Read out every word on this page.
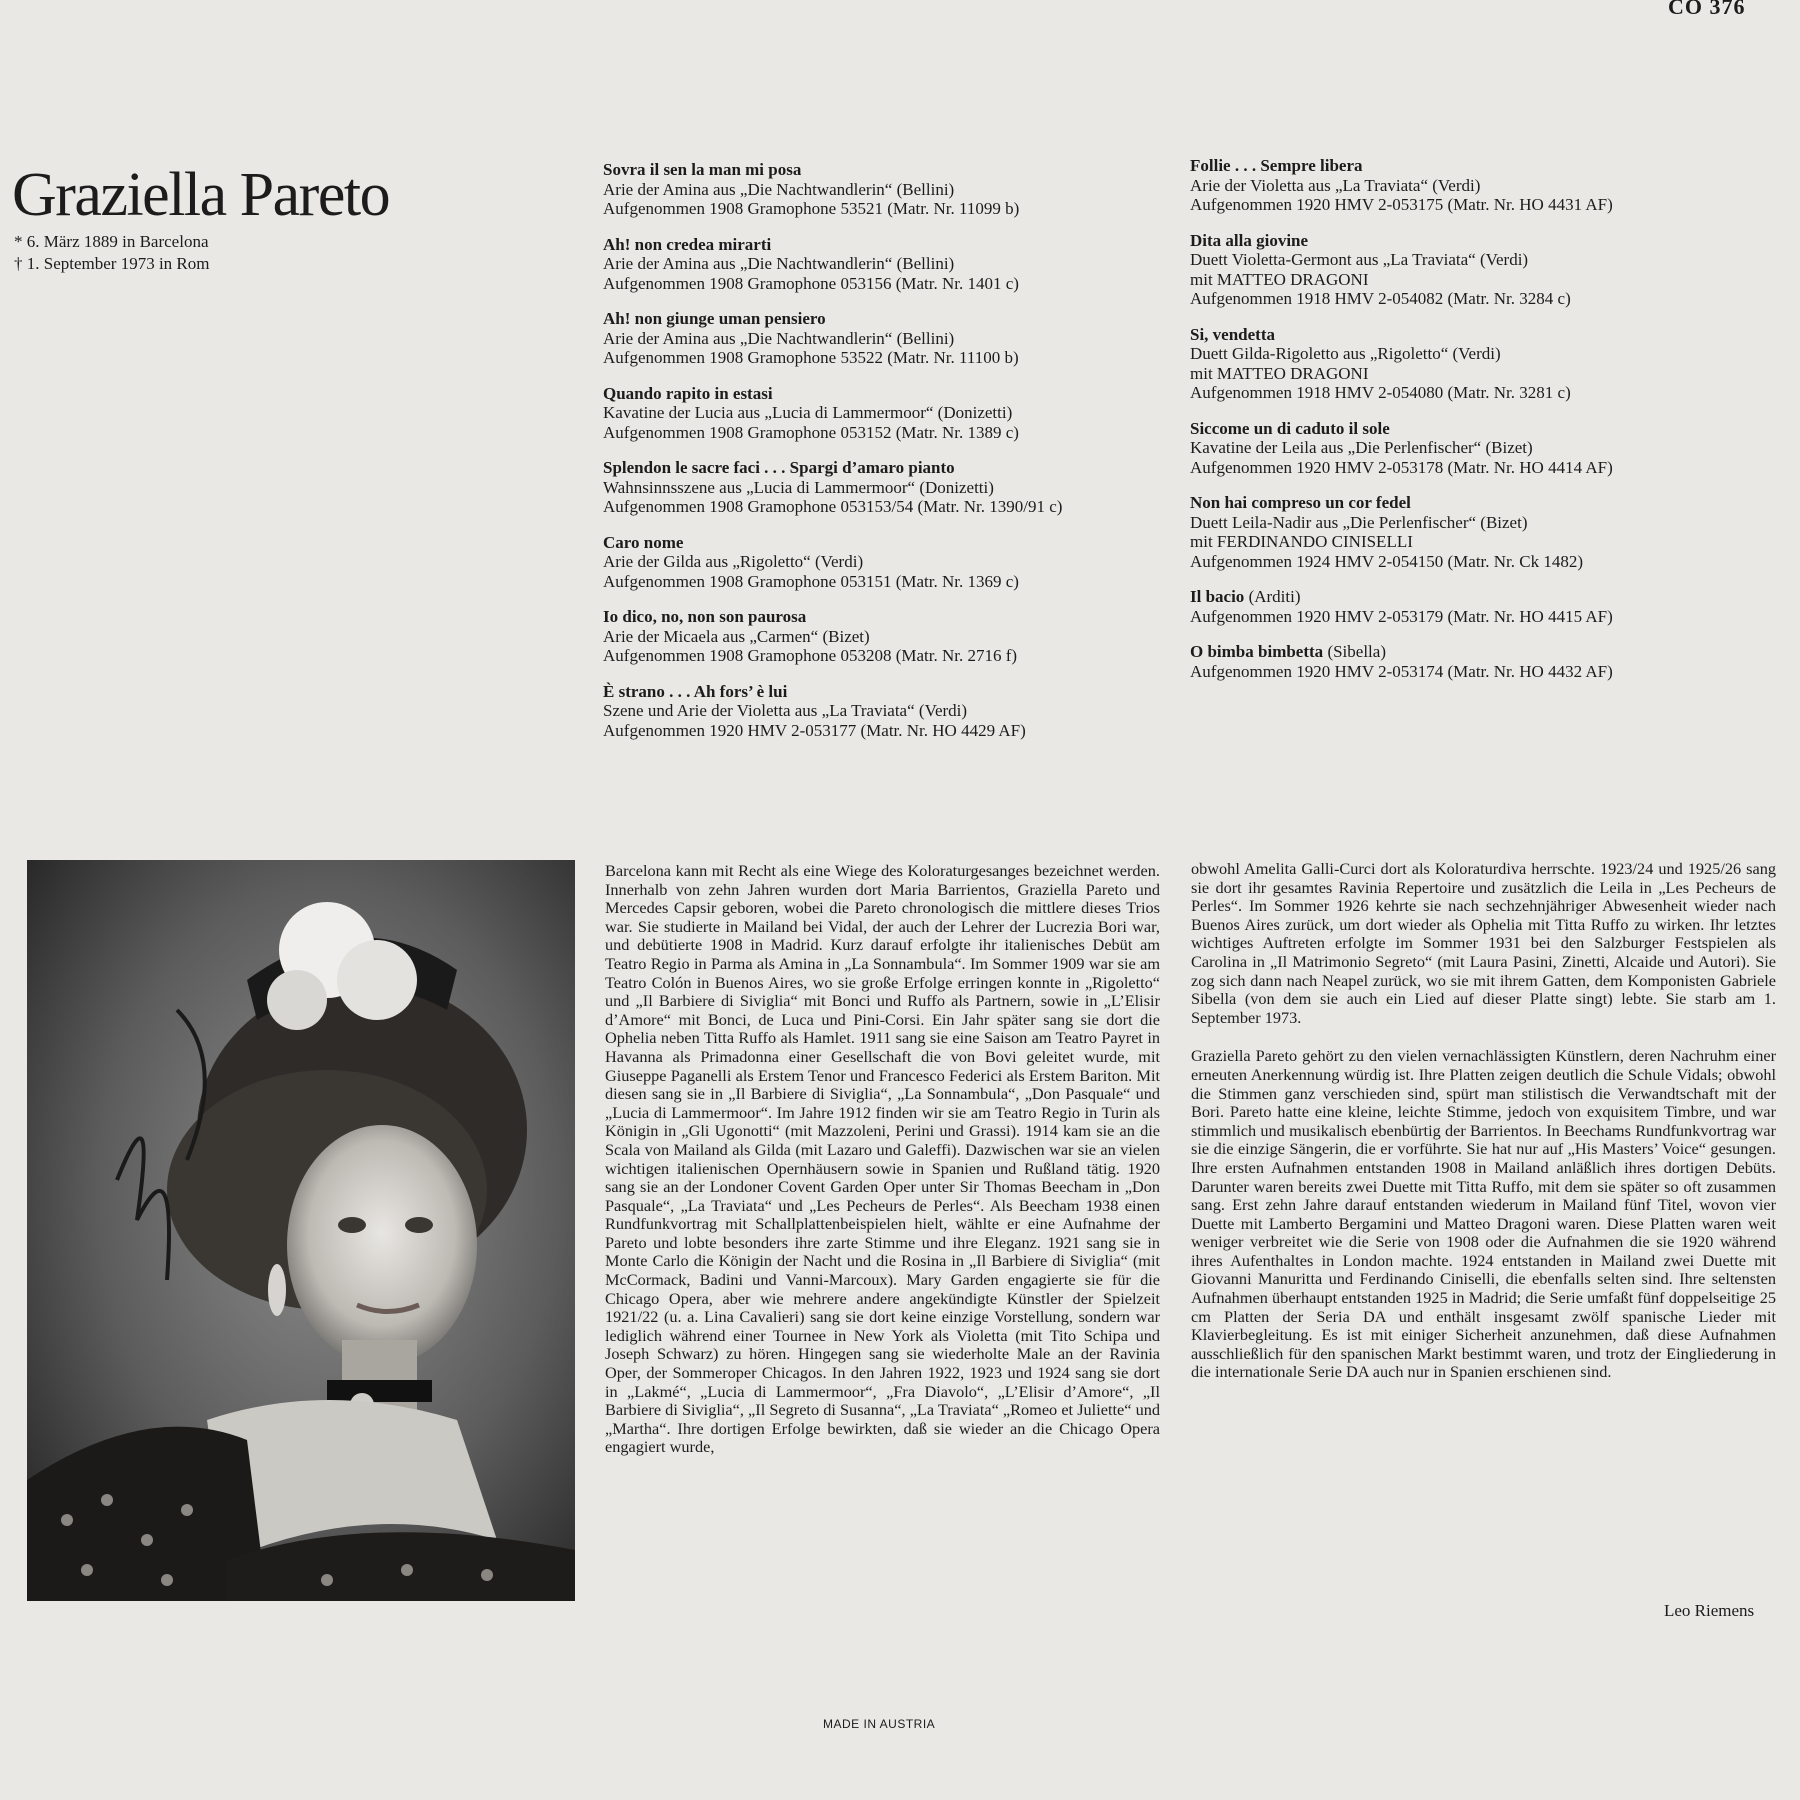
CO 376
Graziella Pareto
* 6. März 1889 in Barcelona
† 1. September 1973 in Rom
Sovra il sen la man mi posa
Arie der Amina aus „Die Nachtwandlerin“ (Bellini)
Aufgenommen 1908 Gramophone 53521 (Matr. Nr. 11099 b)
Ah! non credea mirarti
Arie der Amina aus „Die Nachtwandlerin“ (Bellini)
Aufgenommen 1908 Gramophone 053156 (Matr. Nr. 1401 c)
Ah! non giunge uman pensiero
Arie der Amina aus „Die Nachtwandlerin“ (Bellini)
Aufgenommen 1908 Gramophone 53522 (Matr. Nr. 11100 b)
Quando rapito in estasi
Kavatine der Lucia aus „Lucia di Lammermoor“ (Donizetti)
Aufgenommen 1908 Gramophone 053152 (Matr. Nr. 1389 c)
Splendon le sacre faci . . . Spargi d’amaro pianto
Wahnsinnsszene aus „Lucia di Lammermoor“ (Donizetti)
Aufgenommen 1908 Gramophone 053153/54 (Matr. Nr. 1390/91 c)
Caro nome
Arie der Gilda aus „Rigoletto“ (Verdi)
Aufgenommen 1908 Gramophone 053151 (Matr. Nr. 1369 c)
Io dico, no, non son paurosa
Arie der Micaela aus „Carmen“ (Bizet)
Aufgenommen 1908 Gramophone 053208 (Matr. Nr. 2716 f)
È strano . . . Ah fors’ è lui
Szene und Arie der Violetta aus „La Traviata“ (Verdi)
Aufgenommen 1920 HMV 2-053177 (Matr. Nr. HO 4429 AF)
Follie . . . Sempre libera
Arie der Violetta aus „La Traviata“ (Verdi)
Aufgenommen 1920 HMV 2-053175 (Matr. Nr. HO 4431 AF)
Dita alla giovine
Duett Violetta-Germont aus „La Traviata“ (Verdi)
mit MATTEO DRAGONI
Aufgenommen 1918 HMV 2-054082 (Matr. Nr. 3284 c)
Si, vendetta
Duett Gilda-Rigoletto aus „Rigoletto“ (Verdi)
mit MATTEO DRAGONI
Aufgenommen 1918 HMV 2-054080 (Matr. Nr. 3281 c)
Siccome un di caduto il sole
Kavatine der Leila aus „Die Perlenfischer“ (Bizet)
Aufgenommen 1920 HMV 2-053178 (Matr. Nr. HO 4414 AF)
Non hai compreso un cor fedel
Duett Leila-Nadir aus „Die Perlenfischer“ (Bizet)
mit FERDINANDO CINISELLI
Aufgenommen 1924 HMV 2-054150 (Matr. Nr. Ck 1482)
Il bacio (Arditi)
Aufgenommen 1920 HMV 2-053179 (Matr. Nr. HO 4415 AF)
O bimba bimbetta (Sibella)
Aufgenommen 1920 HMV 2-053174 (Matr. Nr. HO 4432 AF)

Barcelona kann mit Recht als eine Wiege des Koloraturgesanges bezeichnet werden. Innerhalb von zehn Jahren wurden dort Maria Barrientos, Graziella Pareto und Mercedes Capsir geboren, wobei die Pareto chronologisch die mittlere dieses Trios war. Sie studierte in Mailand bei Vidal, der auch der Lehrer der Lucrezia Bori war, und debütierte 1908 in Madrid. Kurz darauf erfolgte ihr italienisches Debüt am Teatro Regio in Parma als Amina in „La Sonnambula“. Im Sommer 1909 war sie am Teatro Colón in Buenos Aires, wo sie große Erfolge erringen konnte in „Rigoletto“ und „Il Barbiere di Siviglia“ mit Bonci und Ruffo als Partnern, sowie in „L’Elisir d’Amore“ mit Bonci, de Luca und Pini-Corsi. Ein Jahr später sang sie dort die Ophelia neben Titta Ruffo als Hamlet. 1911 sang sie eine Saison am Teatro Payret in Havanna als Primadonna einer Gesellschaft die von Bovi geleitet wurde, mit Giuseppe Paganelli als Erstem Tenor und Francesco Federici als Erstem Bariton. Mit diesen sang sie in „Il Barbiere di Siviglia“, „La Sonnambula“, „Don Pasquale“ und „Lucia di Lammermoor“. Im Jahre 1912 finden wir sie am Teatro Regio in Turin als Königin in „Gli Ugonotti“ (mit Mazzoleni, Perini und Grassi). 1914 kam sie an die Scala von Mailand als Gilda (mit Lazaro und Galeffi). Dazwischen war sie an vielen wichtigen italienischen Opernhäusern sowie in Spanien und Rußland tätig. 1920 sang sie an der Londoner Covent Garden Oper unter Sir Thomas Beecham in „Don Pasquale“, „La Traviata“ und „Les Pecheurs de Perles“. Als Beecham 1938 einen Rundfunkvortrag mit Schallplattenbeispielen hielt, wählte er eine Aufnahme der Pareto und lobte besonders ihre zarte Stimme und ihre Eleganz. 1921 sang sie in Monte Carlo die Königin der Nacht und die Rosina in „Il Barbiere di Siviglia“ (mit McCormack, Badini und Vanni-Marcoux). Mary Garden engagierte sie für die Chicago Opera, aber wie mehrere andere angekündigte Künstler der Spielzeit 1921/22 (u. a. Lina Cavalieri) sang sie dort keine einzige Vorstellung, sondern war lediglich während einer Tournee in New York als Violetta (mit Tito Schipa und Joseph Schwarz) zu hören. Hingegen sang sie wiederholte Male an der Ravinia Oper, der Sommeroper Chicagos. In den Jahren 1922, 1923 und 1924 sang sie dort in „Lakmé“, „Lucia di Lammermoor“, „Fra Diavolo“, „L’Elisir d’Amore“, „Il Barbiere di Siviglia“, „Il Segreto di Susanna“, „La Traviata“ „Romeo et Juliette“ und „Martha“. Ihre dortigen Erfolge bewirkten, daß sie wieder an die Chicago Opera engagiert wurde,

obwohl Amelita Galli-Curci dort als Koloraturdiva herrschte. 1923/24 und 1925/26 sang sie dort ihr gesamtes Ravinia Repertoire und zusätzlich die Leila in „Les Pecheurs de Perles“. Im Sommer 1926 kehrte sie nach sechzehnjähriger Abwesenheit wieder nach Buenos Aires zurück, um dort wieder als Ophelia mit Titta Ruffo zu wirken. Ihr letztes wichtiges Auftreten erfolgte im Sommer 1931 bei den Salzburger Festspielen als Carolina in „Il Matrimonio Segreto“ (mit Laura Pasini, Zinetti, Alcaide und Autori). Sie zog sich dann nach Neapel zurück, wo sie mit ihrem Gatten, dem Komponisten Gabriele Sibella (von dem sie auch ein Lied auf dieser Platte singt) lebte. Sie starb am 1. September 1973.

Graziella Pareto gehört zu den vielen vernachlässigten Künstlern, deren Nachruhm einer erneuten Anerkennung würdig ist. Ihre Platten zeigen deutlich die Schule Vidals; obwohl die Stimmen ganz verschieden sind, spürt man stilistisch die Verwandtschaft mit der Bori. Pareto hatte eine kleine, leichte Stimme, jedoch von exquisitem Timbre, und war stimmlich und musikalisch ebenbürtig der Barrientos. In Beechams Rundfunkvortrag war sie die einzige Sängerin, die er vorführte. Sie hat nur auf „His Masters’ Voice“ gesungen. Ihre ersten Aufnahmen entstanden 1908 in Mailand anläßlich ihres dortigen Debüts. Darunter waren bereits zwei Duette mit Titta Ruffo, mit dem sie später so oft zusammen sang. Erst zehn Jahre darauf entstanden wiederum in Mailand fünf Titel, wovon vier Duette mit Lamberto Bergamini und Matteo Dragoni waren. Diese Platten waren weit weniger verbreitet wie die Serie von 1908 oder die Aufnahmen die sie 1920 während ihres Aufenthaltes in London machte. 1924 entstanden in Mailand zwei Duette mit Giovanni Manuritta und Ferdinando Ciniselli, die ebenfalls selten sind. Ihre seltensten Aufnahmen überhaupt entstanden 1925 in Madrid; die Serie umfaßt fünf doppelseitige 25 cm Platten der Seria DA und enthält insgesamt zwölf spanische Lieder mit Klavierbegleitung. Es ist mit einiger Sicherheit anzunehmen, daß diese Aufnahmen ausschließlich für den spanischen Markt bestimmt waren, und trotz der Eingliederung in die internationale Serie DA auch nur in Spanien erschienen sind.

Leo Riemens
MADE IN AUSTRIA
